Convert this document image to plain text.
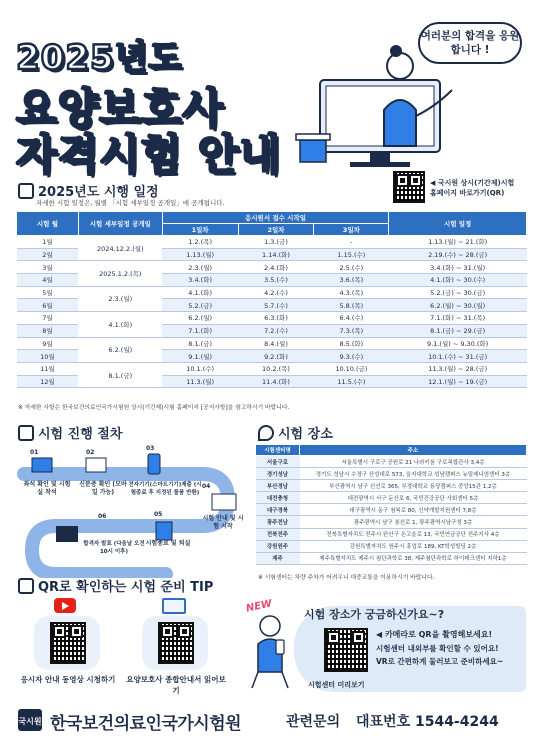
2025년도
요양보호사
자격시험 안내
여러분의 합격을 응원합니다 !
2025년도 시행 일정
자세한 시험 일정은, 월별 「시험 세부일정 공개일」에 공개됩니다.
◀ 국시원 상시(기간제)시험
홈페이지 바로가기(QR)
시험 월	시험 세부일정 공개일	응시원서 접수 시작일			시험 일정
		1일차	2일차	3일차	
1월	2024.12.2.(월)	1.2.(목)	1.3.(금)	-	1.13.(월) ~ 21.(화)
2월		1.13.(월)	1.14.(화)	1.15.(수)	2.19.(수) ~ 28.(금)
3월	2025.1.2.(목)	2.3.(월)	2.4.(화)	2.5.(수)	3.4.(화) ~ 31.(월)
4월		3.4.(화)	3.5.(수)	3.6.(목)	4.1.(화) ~ 30.(수)
5월	2.3.(월)	4.1.(화)	4.2.(수)	4.3.(목)	5.2.(금) ~ 30.(금)
6월		5.2.(금)	5.7.(수)	5.8.(목)	6.2.(월) ~ 30.(월)
7월	4.1.(화)	6.2.(월)	6.3.(화)	6.4.(수)	7.1.(화) ~ 31.(목)
8월		7.1.(화)	7.2.(수)	7.3.(목)	8.1.(금) ~ 29.(금)
9월	6.2.(월)	8.1.(금)	8.4.(월)	8.5.(화)	9.1.(월) ~ 9.30.(화)
10월		9.1.(월)	9.2.(화)	9.3.(수)	10.1.(수) ~ 31.(금)
11월	8.1.(금)	10.1.(수)	10.2.(목)	10.10.(금)	11.3.(월) ~ 28.(금)
12월		11.3.(월)	11.4.(화)	11.5.(수)	12.1.(월) ~ 19.(금)
※ 자세한 사항은 한국보건의료인국가시험원 상시(기간제)시험 홈페이지 [공지사항]을 참고하시기 바랍니다.
시험 진행 절차
01	02
03
04
05
06
좌석 확인 및 시험실 착석
신분증 확인 (모바일 가능)
전자기기(스마트기기)제출 (시험종료 후 지정된 물품 반환)
시험 안내 및 시험 시작
시험종료 및 퇴실
합격자 발표 (다음날 오전 10시 이후)
시험 장소
시험센터명	주소
서울구로	서울특별시 구로구 공원로 21 나라키움 구로복합관사 3,4층
경기성남	경기도 성남시 수정구 산성대로 573, 을지대학교 성남캠퍼스 뉴밀레니엄센터 3층
부산경남	부산광역시 남구 신선로 365, 부경대학교 용당캠퍼스 중앙15관 1,2층
대전충청	대전광역시 서구 둔산로 6, 국민건강공단 사회센터 5층
대구경북	대구광역시 동구 첨복로 80, 신약개발지원센터 7,8층
광주전남	광주광역시 남구 봉선로 1, 광주광역시남구청 3층
전북전주	전북특별자치도 전주시 완산구 온고을로 13, 국민연금공단 전주지사 4층
강원원주	강원특별자치도 원주시 흥업로 189, KT학성빌딩 2층
제주	제주특별자치도 제주시 첨단과학로 38, 제주첨단과학로 하이테크센터 지하1층
※ 시험센터는 차량 주차가 어려우니 대중교통을 이용하시기 바랍니다.
QR로 확인하는 시험 준비 TIP
응시자 안내 동영상 시청하기	요양보호사 종합안내서 읽어보기
NEW	시험 장소가 궁금하신가요~?
◀ 카메라로 QR을 촬영해보세요!
시험센터 내외부를 확인할 수 있어요!
VR로 간편하게 둘러보고 준비하세요~
시험센터 미리보기
국시원 한국보건의료인국가시험원	관련문의 대표번호 1544-4244
